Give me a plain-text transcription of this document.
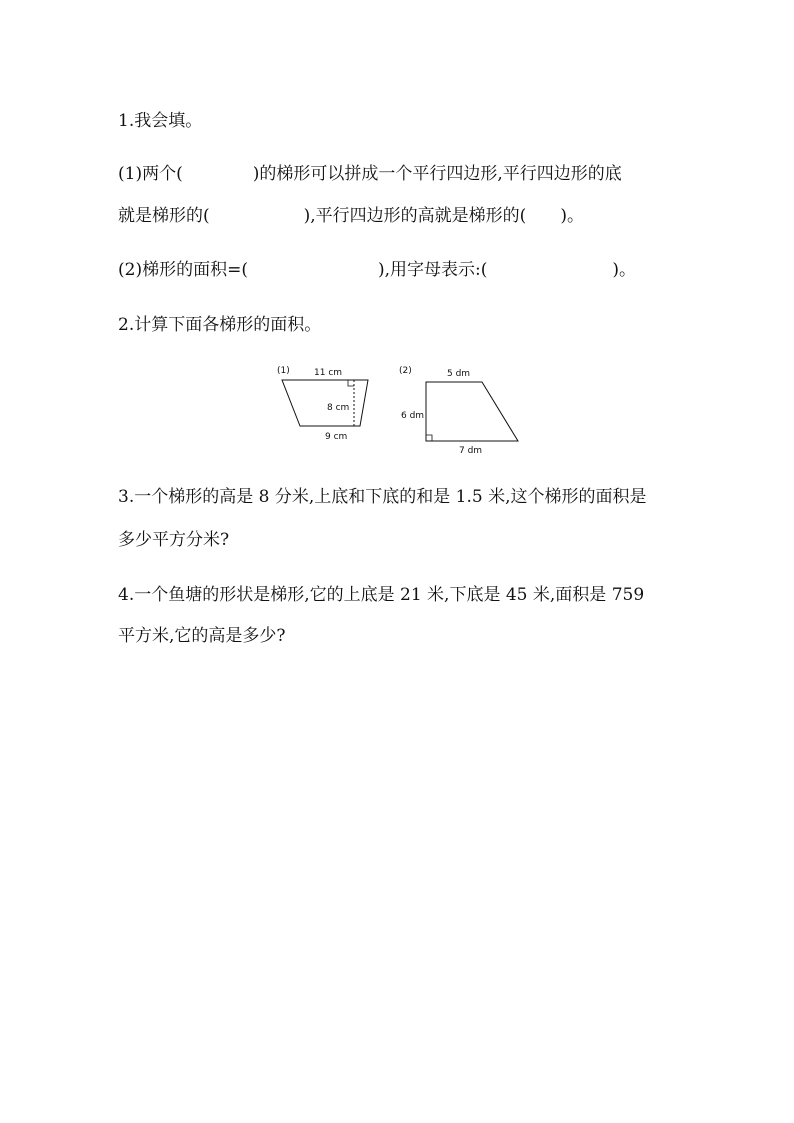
1.我会填。
(1)两个(	)的梯形可以拼成一个平行四边形,平行四边形的底
就是梯形的(	),平行四边形的高就是梯形的( )。
(2)梯形的面积=(	),用字母表示:(	)。
2.计算下面各梯形的面积。
(1)	11 cm
8 cm
9 cm
(2)	5 dm
6 dm
7 dm
3.一个梯形的高是 8 分米,上底和下底的和是 1.5 米,这个梯形的面积是
多少平方分米?
4.一个鱼塘的形状是梯形,它的上底是 21 米,下底是 45 米,面积是 759
平方米,它的高是多少?
